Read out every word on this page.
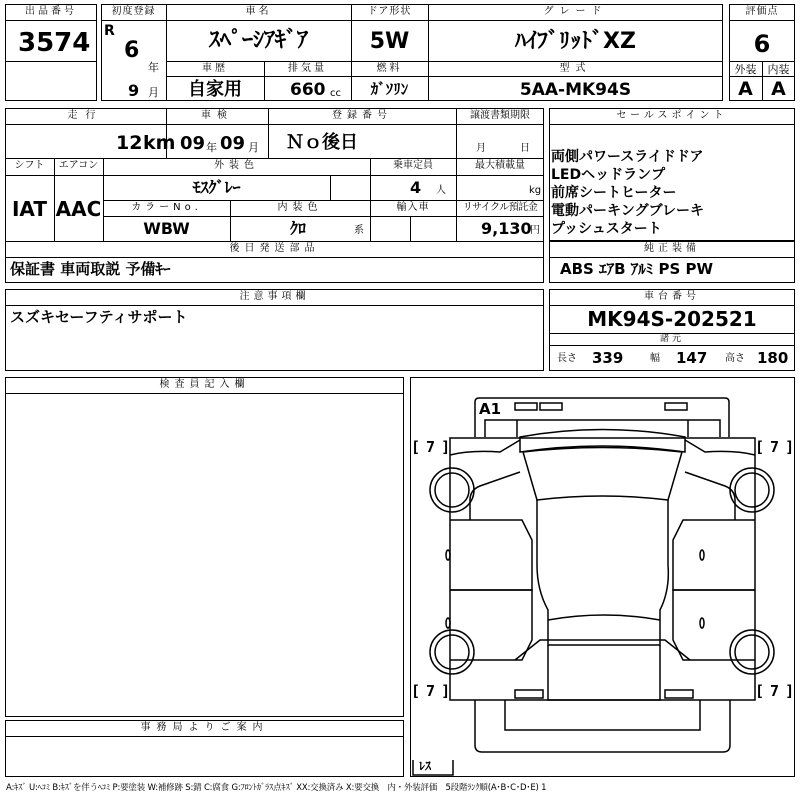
出品番号
3574
初度登録
R
6
年
9 月
車名
ｽﾍﾟｰｼｱｷﾞｱ
車歴
自家用
排気量
660 cc
ドア形状
5W
燃料
ｶﾞｿﾘﾝ
グレード
ﾊｲﾌﾞﾘｯﾄﾞXZ
型式
5AA-MK94S
評価点
6
外装	内装
A A
走行
12 km
車検
09 年 09 月
登録番号
Ｎｏ後日
譲渡書類期限
月	日
シフト
IAT
エアコン
AAC
外装色
ﾓｽｸﾞﾚｰ
乗車定員
4 人
最大積載量
kg
カラーNo.
WBW
内装色
ｸﾛ	系
輸入車	リサイクル預託金
9,130
円
後日発送部品
保証書 車両取説 予備ｷｰ
セールスポイント
両側パワースライドドア
LEDヘッドランプ
前席シートヒーター
電動パーキングブレーキ
プッシュスタート
純正装備
ABS ｴｱB ｱﾙﾐ PS PW
注意事項欄
スズキセーフティサポート
車台番号
MK94S-202521
諸元
長さ 339	幅 147 高さ 180
検査員記入欄
A1
[ 7 ]	[ 7 ]
[ 7 ]	[ 7 ]
ﾚｽ
事務局よりご案内
A:ｷｽﾞ U:ﾍｺﾐ B:ｷｽﾞを伴うﾍｺﾐ P:要塗装 W:補修跡 S:錆 C:腐食 G:ﾌﾛﾝﾄｶﾞﾗｽ点ｷｽﾞ XX:交換済み X:要交換　内・外装評価　5段階ﾗﾝｸ順(A･B･C･D･E) 1
